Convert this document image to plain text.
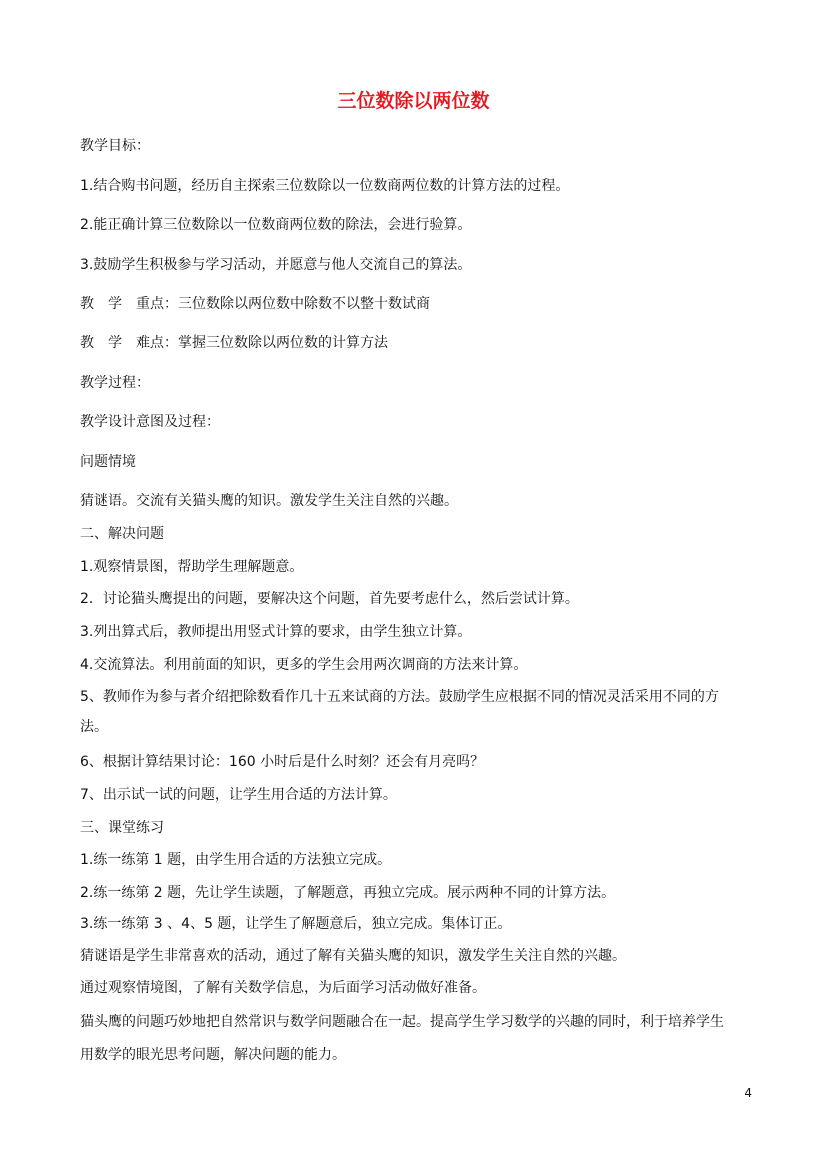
三位数除以两位数
教学目标：
1.结合购书问题，经历自主探索三位数除以一位数商两位数的计算方法的过程。
2.能正确计算三位数除以一位数商两位数的除法，会进行验算。
3.鼓励学生积极参与学习活动，并愿意与他人交流自己的算法。
教　学　重点：三位数除以两位数中除数不以整十数试商
教　学　难点：掌握三位数除以两位数的计算方法
教学过程：
教学设计意图及过程：
问题情境
猜谜语。交流有关猫头鹰的知识。激发学生关注自然的兴趣。
二、解决问题
1.观察情景图，帮助学生理解题意。
2．讨论猫头鹰提出的问题，要解决这个问题，首先要考虑什么，然后尝试计算。
3.列出算式后，教师提出用竖式计算的要求，由学生独立计算。
4.交流算法。利用前面的知识，更多的学生会用两次调商的方法来计算。
5、教师作为参与者介绍把除数看作几十五来试商的方法。鼓励学生应根据不同的情况灵活采用不同的方
法。
6、根据计算结果讨论：160 小时后是什么时刻？还会有月亮吗？
7、出示试一试的问题，让学生用合适的方法计算。
三、课堂练习
1.练一练第 1 题，由学生用合适的方法独立完成。
2.练一练第 2 题，先让学生读题，了解题意，再独立完成。展示两种不同的计算方法。
3.练一练第 3 、4、5 题，让学生了解题意后，独立完成。集体订正。
猜谜语是学生非常喜欢的活动，通过了解有关猫头鹰的知识，激发学生关注自然的兴趣。
通过观察情境图，了解有关数学信息，为后面学习活动做好准备。
猫头鹰的问题巧妙地把自然常识与数学问题融合在一起。提高学生学习数学的兴趣的同时，利于培养学生
用数学的眼光思考问题，解决问题的能力。
4
